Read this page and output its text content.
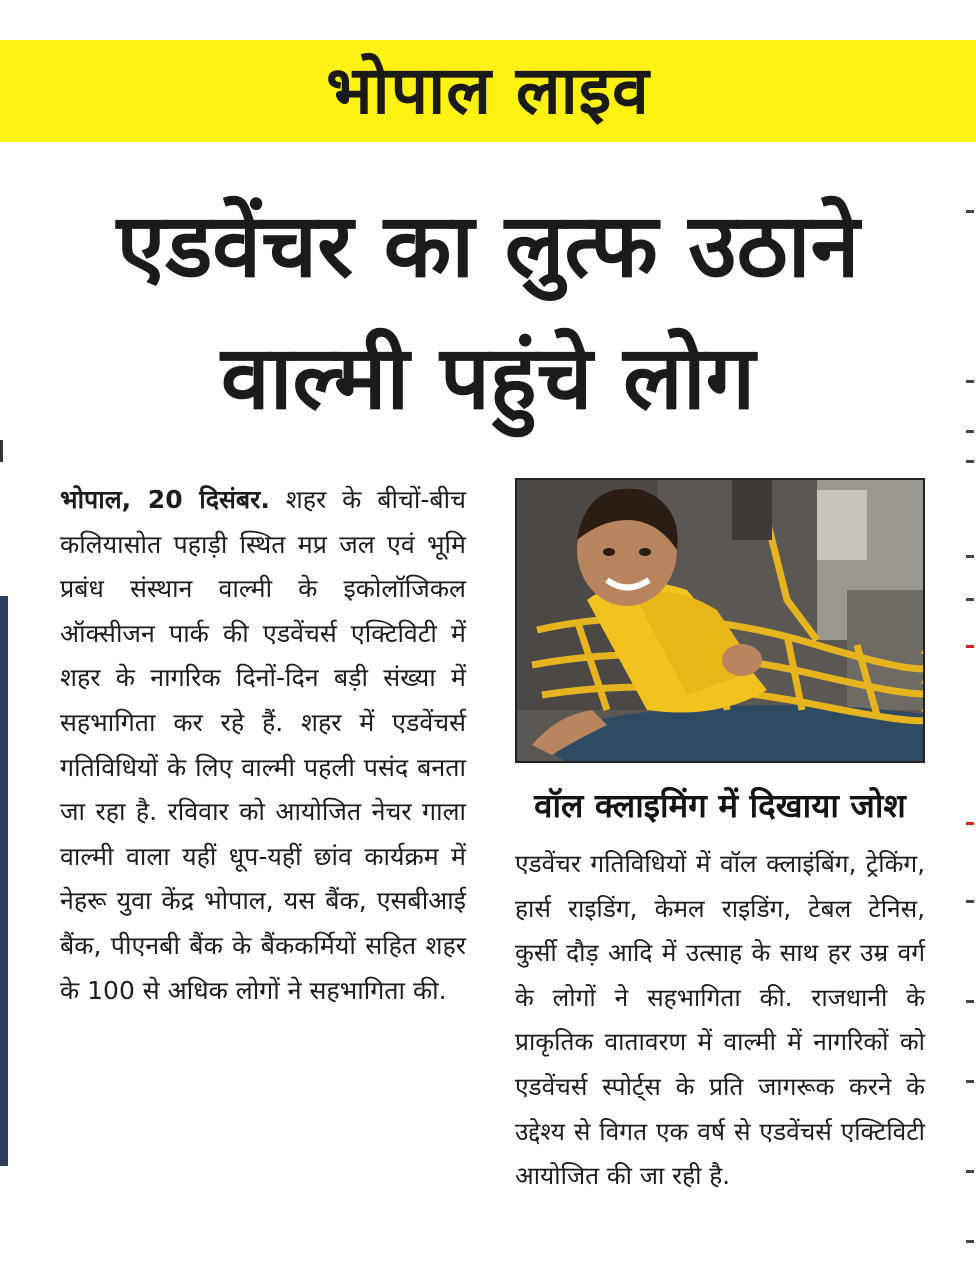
भोपाल लाइव
एडवेंचर का लुत्फ उठाने
वाल्मी पहुंचे लोग
भोपाल, 20 दिसंबर. शहर के बीचों-बीच कलियासोत पहाड़ी स्थित मप्र जल एवं भूमि प्रबंध संस्थान वाल्मी के इकोलॉजिकल ऑक्सीजन पार्क की एडवेंचर्स एक्टिविटी में शहर के नागरिक दिनों-दिन बड़ी संख्या में सहभागिता कर रहे हैं. शहर में एडवेंचर्स गतिविधियों के लिए वाल्मी पहली पसंद बनता जा रहा है. रविवार को आयोजित नेचर गाला वाल्मी वाला यहीं धूप-यहीं छांव कार्यक्रम में नेहरू युवा केंद्र भोपाल, यस बैंक, एसबीआई बैंक, पीएनबी बैंक के बैंककर्मियों सहित शहर के 100 से अधिक लोगों ने सहभागिता की.
वॉल क्लाइमिंग में दिखाया जोश
एडवेंचर गतिविधियों में वॉल क्लाइंबिंग, ट्रेकिंग, हार्स राइडिंग, केमल राइडिंग, टेबल टेनिस, कुर्सी दौड़ आदि में उत्साह के साथ हर उम्र वर्ग के लोगों ने सहभागिता की. राजधानी के प्राकृतिक वातावरण में वाल्मी में नागरिकों को एडवेंचर्स स्पोर्ट्स के प्रति जागरूक करने के उद्देश्य से विगत एक वर्ष से एडवेंचर्स एक्टिविटी आयोजित की जा रही है.
